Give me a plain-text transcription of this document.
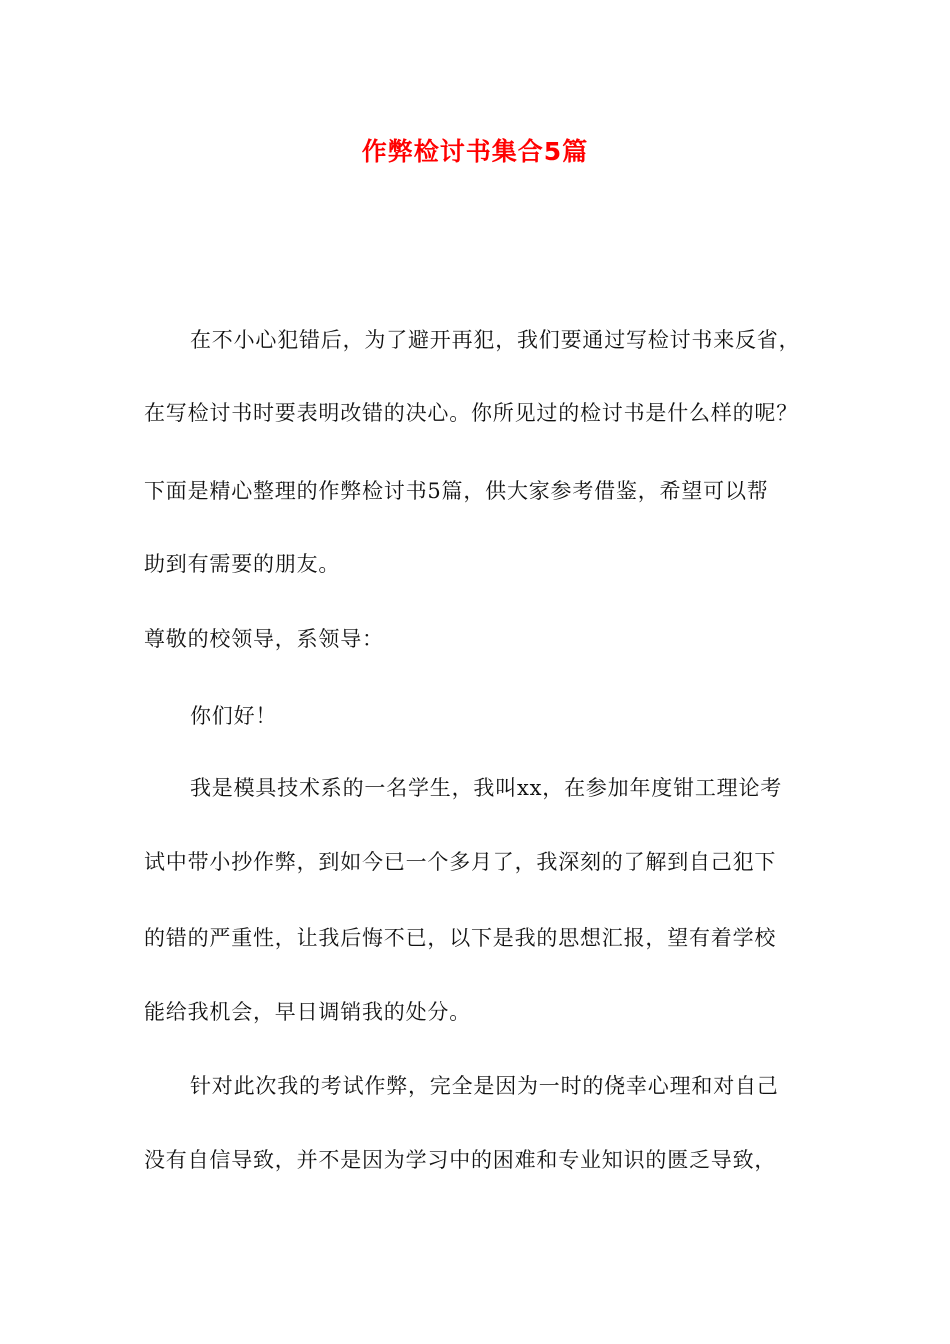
作弊检讨书集合5篇

在不小心犯错后，为了避开再犯，我们要通过写检讨书来反省，

在写检讨书时要表明改错的决心。你所见过的检讨书是什么样的呢？

下面是精心整理的作弊检讨书5篇，供大家参考借鉴，希望可以帮

助到有需要的朋友。

尊敬的校领导，系领导：

你们好！

我是模具技术系的一名学生，我叫xx，在参加年度钳工理论考

试中带小抄作弊，到如今已一个多月了，我深刻的了解到自己犯下

的错的严重性，让我后悔不已，以下是我的思想汇报，望有着学校

能给我机会，早日调销我的处分。

针对此次我的考试作弊，完全是因为一时的侥幸心理和对自己

没有自信导致，并不是因为学习中的困难和专业知识的匮乏导致，
